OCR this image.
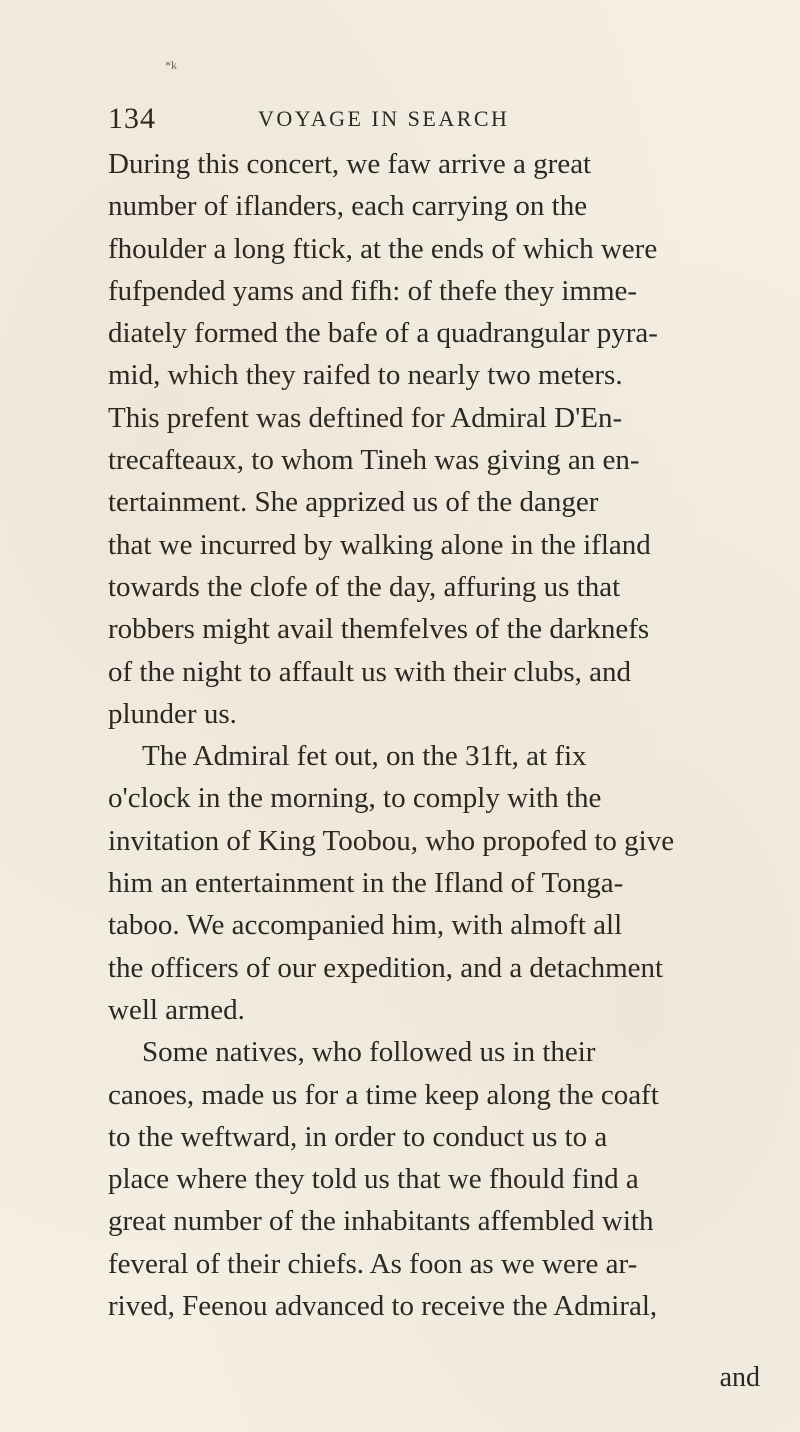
134	VOYAGE IN SEARCH
*k
During this concert, we faw arrive a great
number of iflanders, each carrying on the
fhoulder a long ftick, at the ends of which were
fufpended yams and fifh: of thefe they imme-
diately formed the bafe of a quadrangular pyra-
mid, which they raifed to nearly two meters.
This prefent was deftined for Admiral D'En-
trecafteaux, to whom Tineh was giving an en-
tertainment. She apprized us of the danger
that we incurred by walking alone in the ifland
towards the clofe of the day, affuring us that
robbers might avail themfelves of the darknefs
of the night to affault us with their clubs, and
plunder us.
The Admiral fet out, on the 31ft, at fix
o'clock in the morning, to comply with the
invitation of King Toobou, who propofed to give
him an entertainment in the Ifland of Tonga-
taboo. We accompanied him, with almoft all
the officers of our expedition, and a detachment
well armed.
Some natives, who followed us in their
canoes, made us for a time keep along the coaft
to the weftward, in order to conduct us to a
place where they told us that we fhould find a
great number of the inhabitants affembled with
feveral of their chiefs. As foon as we were ar-
rived, Feenou advanced to receive the Admiral,
and
